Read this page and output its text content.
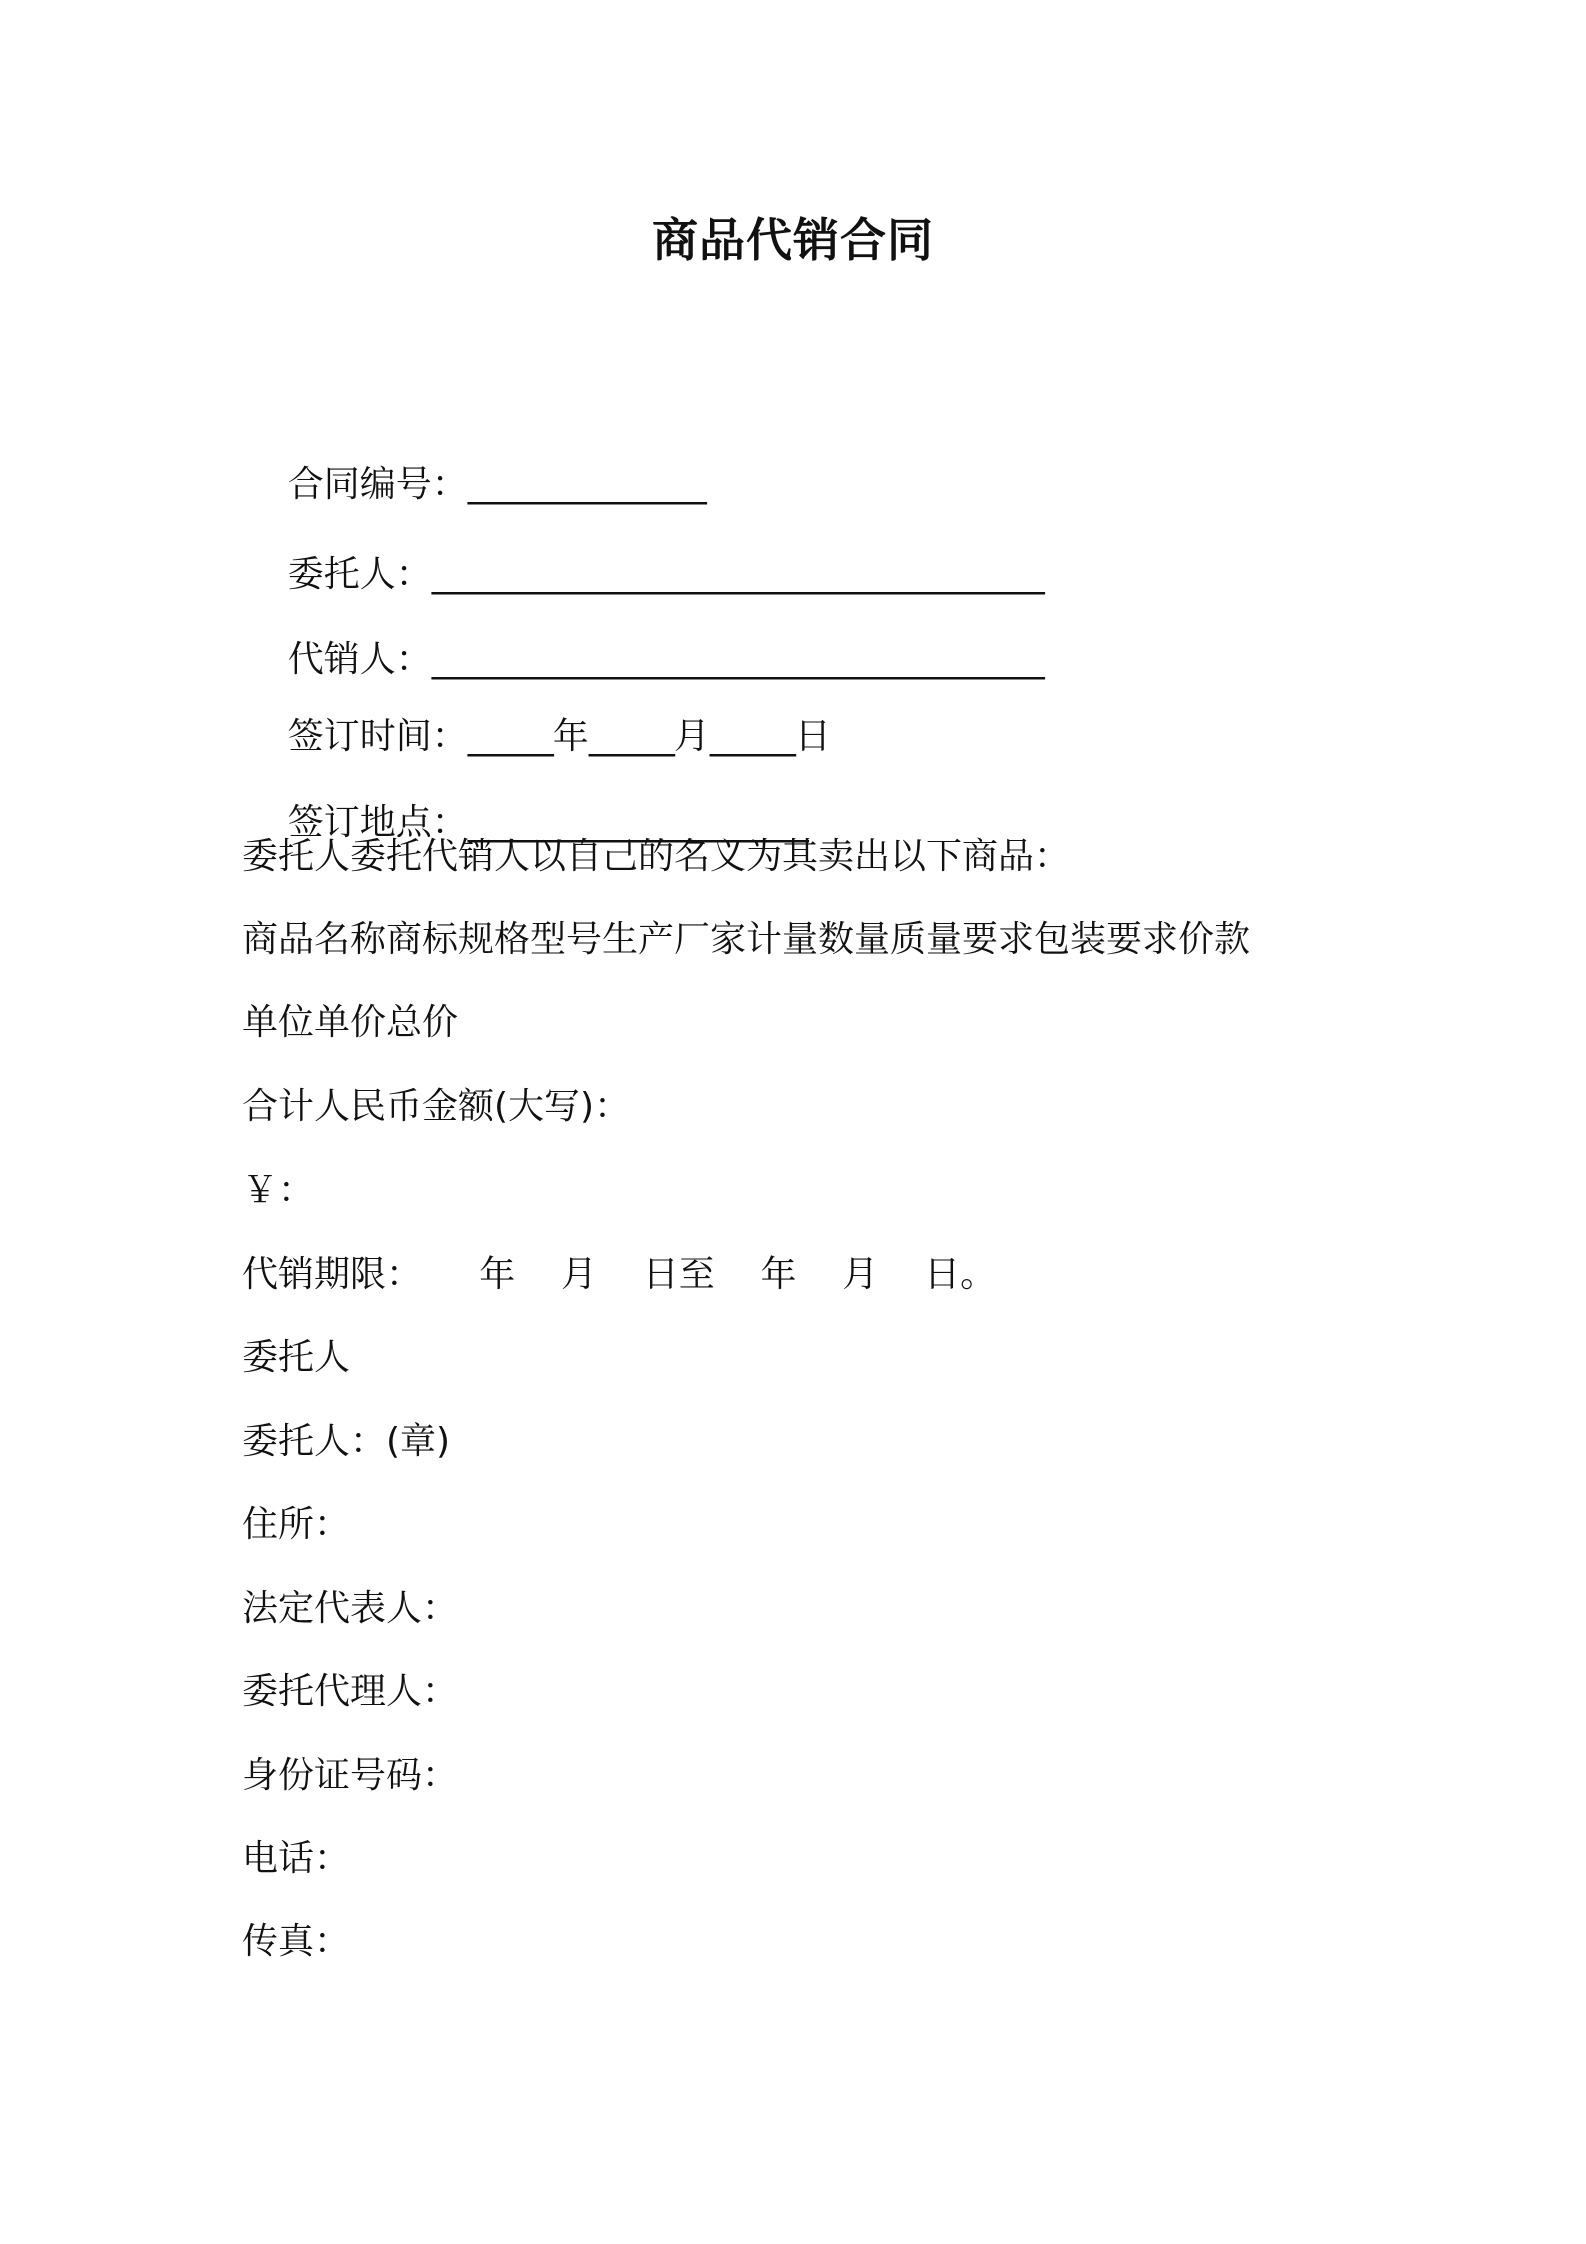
商品代销合同

合同编号：______________

委托人：____________________________________

代销人：____________________________________

签订时间：_____年_____月_____日

签订地点：____________________

委托人委托代销人以自己的名义为其卖出以下商品：
商品名称商标规格型号生产厂家计量数量质量要求包装要求价款
单位单价总价
合计人民币金额(大写)：
￥：
代销期限：     年    月    日至    年    月    日。
委托人
委托人：(章)
住所：
法定代表人：
委托代理人：
身份证号码：
电话：
传真：
